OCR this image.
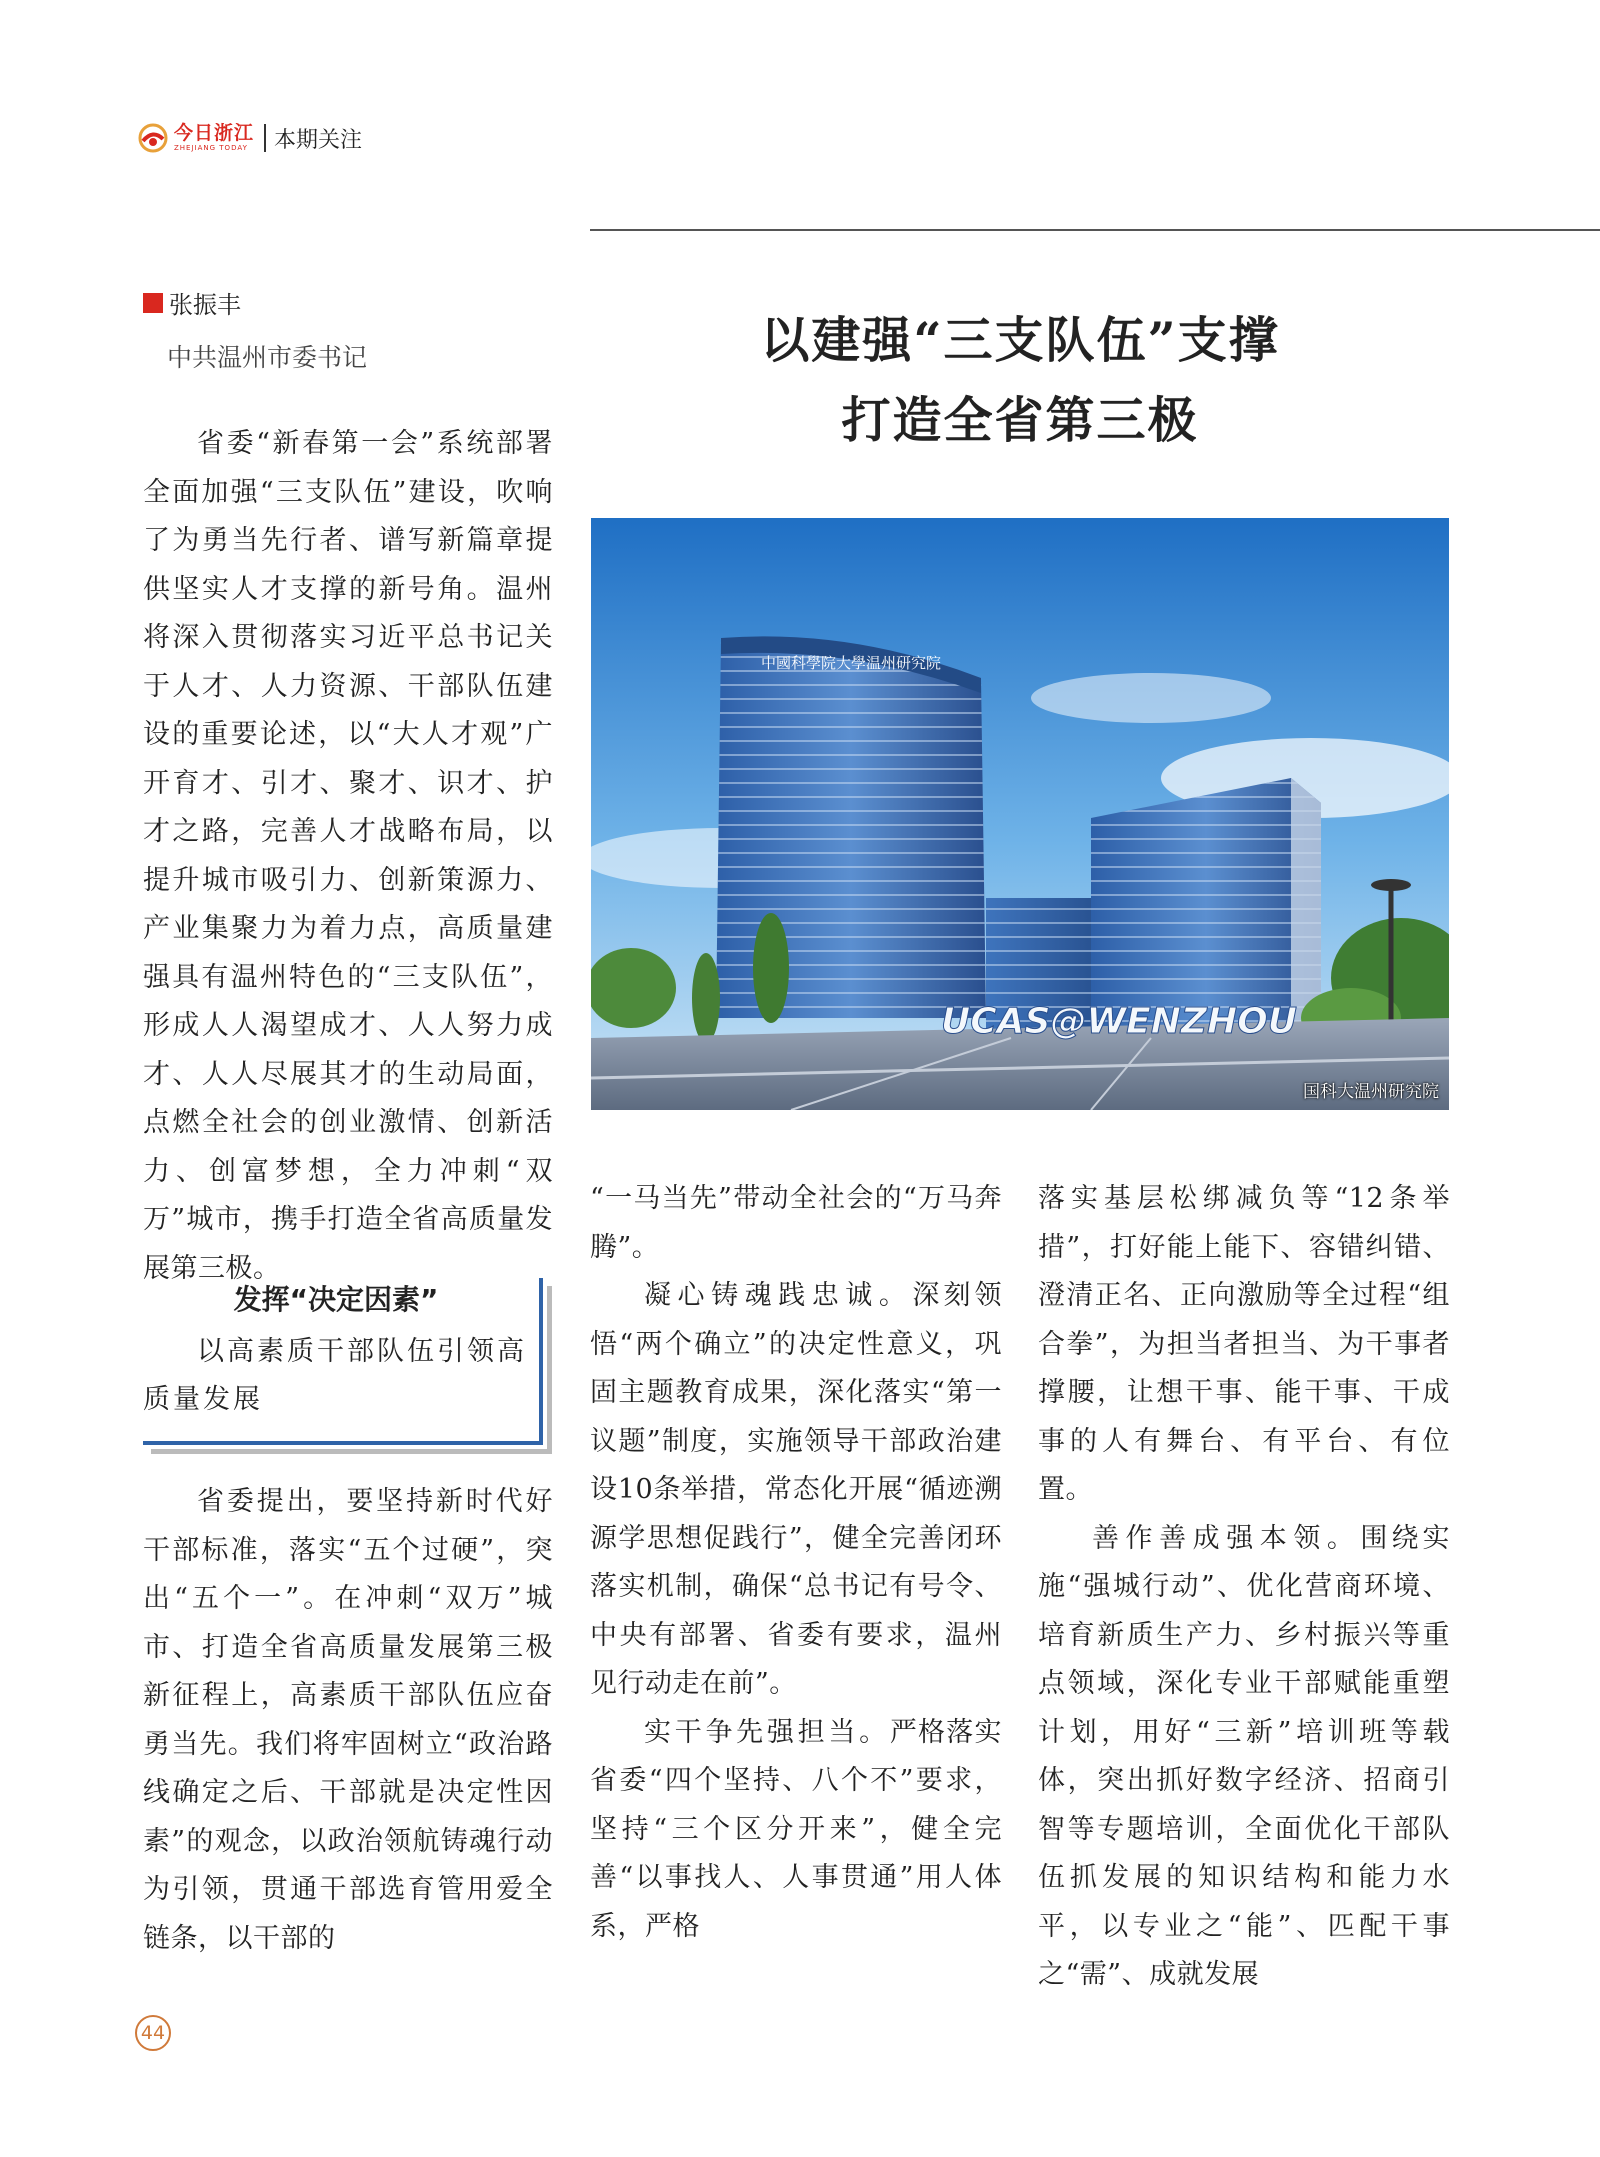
今日浙江
ZHEJIANG TODAY 本期关注
张振丰
中共温州市委书记	以建强“三支队伍”支撑
打造全省第三极
中國科學院大學温州研究院
UCAS@WENZHOU
国科大温州研究院

省委“新春第一会”系统部署全面加强“三支队伍”建设，吹响了为勇当先行者、谱写新篇章提供坚实人才支撑的新号角。温州将深入贯彻落实习近平总书记关于人才、人力资源、干部队伍建设的重要论述，以“大人才观”广开育才、引才、聚才、识才、护才之路，完善人才战略布局，以提升城市吸引力、创新策源力、产业集聚力为着力点，高质量建强具有温州特色的“三支队伍”，形成人人渴望成才、人人努力成才、人人尽展其才的生动局面，点燃全社会的创业激情、创新活力、创富梦想，全力冲刺“双万”城市，携手打造全省高质量发展第三极。

发挥“决定因素”
以高素质干部队伍引领高质量发展

省委提出，要坚持新时代好干部标准，落实“五个过硬”，突出“五个一”。在冲刺“双万”城市、打造全省高质量发展第三极新征程上，高素质干部队伍应奋勇当先。我们将牢固树立“政治路线确定之后、干部就是决定性因素”的观念，以政治领航铸魂行动为引领，贯通干部选育管用爱全链条，以干部的

“一马当先”带动全社会的“万马奔腾”。

凝心铸魂践忠诚。深刻领悟“两个确立”的决定性意义，巩固主题教育成果，深化落实“第一议题”制度，实施领导干部政治建设10条举措，常态化开展“循迹溯源学思想促践行”，健全完善闭环落实机制，确保“总书记有号令、中央有部署、省委有要求，温州见行动走在前”。

实干争先强担当。严格落实省委“四个坚持、八个不”要求，坚持“三个区分开来”，健全完善“以事找人、人事贯通”用人体系，严格

落实基层松绑减负等“12条举措”，打好能上能下、容错纠错、澄清正名、正向激励等全过程“组合拳”，为担当者担当、为干事者撑腰，让想干事、能干事、干成事的人有舞台、有平台、有位置。

善作善成强本领。围绕实施“强城行动”、优化营商环境、培育新质生产力、乡村振兴等重点领域，深化专业干部赋能重塑计划，用好“三新”培训班等载体，突出抓好数字经济、招商引智等专题培训，全面优化干部队伍抓发展的知识结构和能力水平，以专业之“能”、匹配干事之“需”、成就发展

44
